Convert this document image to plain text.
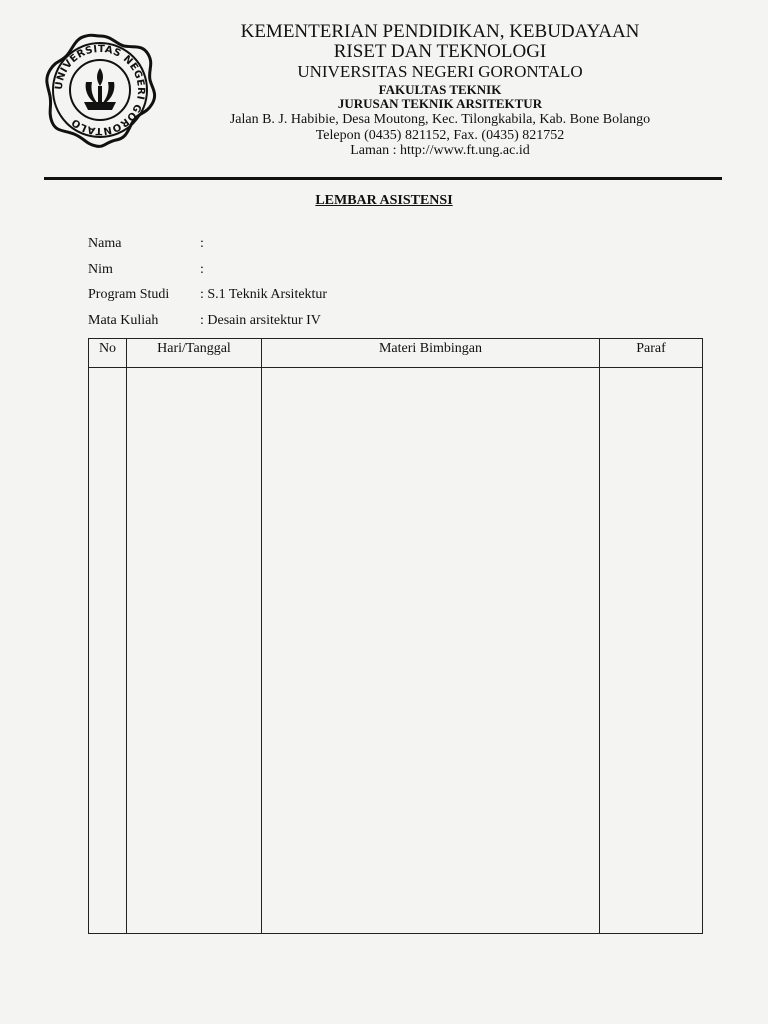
UNIVERSITAS NEGERI GORONTALO
KEMENTERIAN PENDIDIKAN, KEBUDAYAAN
RISET DAN TEKNOLOGI
UNIVERSITAS NEGERI GORONTALO
FAKULTAS TEKNIK
JURUSAN TEKNIK ARSITEKTUR
Jalan B. J. Habibie, Desa Moutong, Kec. Tilongkabila, Kab. Bone Bolango
Telepon (0435) 821152, Fax. (0435) 821752
Laman : http://www.ft.ung.ac.id
LEMBAR ASISTENSI
Nama	:
Nim	:
Program Studi : S.1 Teknik Arsitektur
Mata Kuliah	: Desain arsitektur IV
No	Hari/Tanggal	Materi Bimbingan	Paraf
